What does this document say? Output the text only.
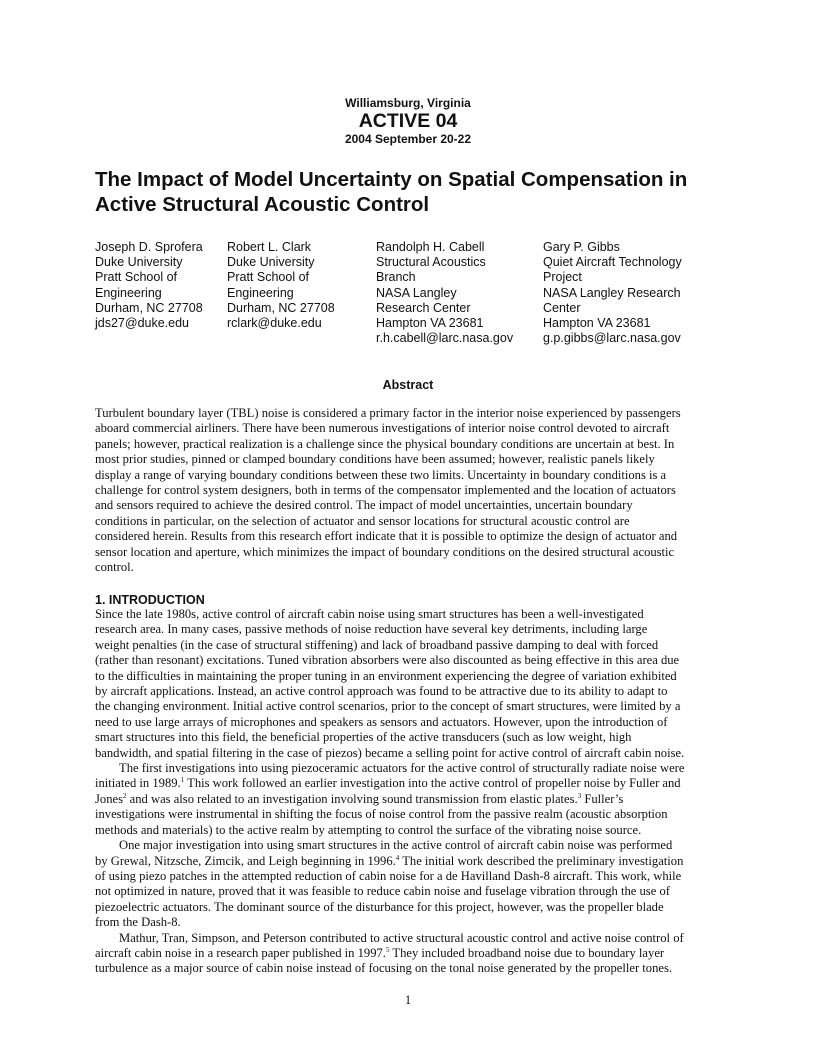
Williamsburg, Virginia
ACTIVE 04
2004 September 20-22
The Impact of Model Uncertainty on Spatial Compensation in
Active Structural Acoustic Control
Joseph D. Sprofera
Duke University
Pratt School of
Engineering
Durham, NC 27708
jds27@duke.edu
Robert L. Clark
Duke University
Pratt School of
Engineering
Durham, NC 27708
rclark@duke.edu
Randolph H. Cabell
Structural Acoustics
Branch
NASA Langley
Research Center
Hampton VA 23681
r.h.cabell@larc.nasa.gov
Gary P. Gibbs
Quiet Aircraft Technology
Project
NASA Langley Research
Center
Hampton VA 23681
g.p.gibbs@larc.nasa.gov
Abstract
Turbulent boundary layer (TBL) noise is considered a primary factor in the interior noise experienced by passengers
aboard commercial airliners. There have been numerous investigations of interior noise control devoted to aircraft
panels; however, practical realization is a challenge since the physical boundary conditions are uncertain at best. In
most prior studies, pinned or clamped boundary conditions have been assumed; however, realistic panels likely
display a range of varying boundary conditions between these two limits. Uncertainty in boundary conditions is a
challenge for control system designers, both in terms of the compensator implemented and the location of actuators
and sensors required to achieve the desired control. The impact of model uncertainties, uncertain boundary
conditions in particular, on the selection of actuator and sensor locations for structural acoustic control are
considered herein. Results from this research effort indicate that it is possible to optimize the design of actuator and
sensor location and aperture, which minimizes the impact of boundary conditions on the desired structural acoustic
control.
1. INTRODUCTION
Since the late 1980s, active control of aircraft cabin noise using smart structures has been a well-investigated
research area. In many cases, passive methods of noise reduction have several key detriments, including large
weight penalties (in the case of structural stiffening) and lack of broadband passive damping to deal with forced
(rather than resonant) excitations. Tuned vibration absorbers were also discounted as being effective in this area due
to the difficulties in maintaining the proper tuning in an environment experiencing the degree of variation exhibited
by aircraft applications. Instead, an active control approach was found to be attractive due to its ability to adapt to
the changing environment. Initial active control scenarios, prior to the concept of smart structures, were limited by a
need to use large arrays of microphones and speakers as sensors and actuators. However, upon the introduction of
smart structures into this field, the beneficial properties of the active transducers (such as low weight, high
bandwidth, and spatial filtering in the case of piezos) became a selling point for active control of aircraft cabin noise.
The first investigations into using piezoceramic actuators for the active control of structurally radiate noise were
initiated in 1989.$^1$ This work followed an earlier investigation into the active control of propeller noise by Fuller and
Jones$^2$ and was also related to an investigation involving sound transmission from elastic plates.$^3$ Fuller’s
investigations were instrumental in shifting the focus of noise control from the passive realm (acoustic absorption
methods and materials) to the active realm by attempting to control the surface of the vibrating noise source.
One major investigation into using smart structures in the active control of aircraft cabin noise was performed
by Grewal, Nitzsche, Zimcik, and Leigh beginning in 1996.$^4$ The initial work described the preliminary investigation
of using piezo patches in the attempted reduction of cabin noise for a de Havilland Dash-8 aircraft. This work, while
not optimized in nature, proved that it was feasible to reduce cabin noise and fuselage vibration through the use of
piezoelectric actuators. The dominant source of the disturbance for this project, however, was the propeller blade
from the Dash-8.
Mathur, Tran, Simpson, and Peterson contributed to active structural acoustic control and active noise control of
aircraft cabin noise in a research paper published in 1997.$^5$ They included broadband noise due to boundary layer
turbulence as a major source of cabin noise instead of focusing on the tonal noise generated by the propeller tones.
1
